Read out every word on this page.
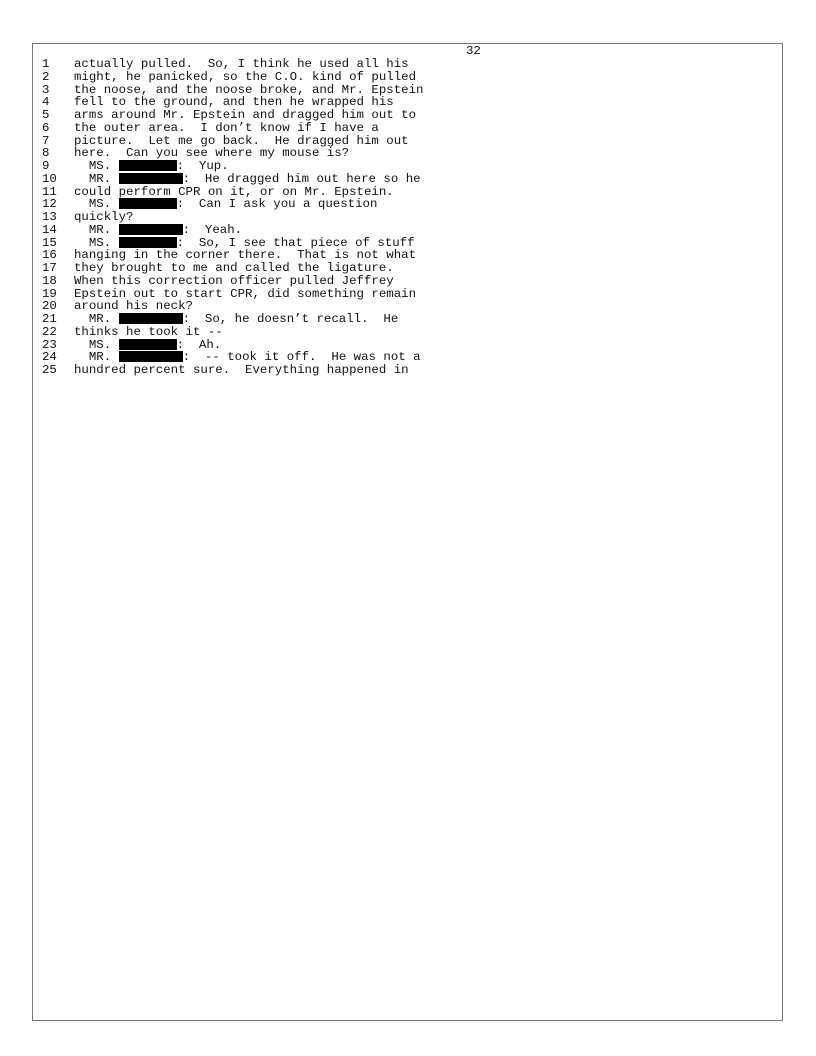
32
1	actually pulled.  So, I think he used all his
2	might, he panicked, so the C.O. kind of pulled
3	the noose, and the noose broke, and Mr. Epstein
4	fell to the ground, and then he wrapped his
5	arms around Mr. Epstein and dragged him out to
6	the outer area.  I don’t know if I have a
7	picture.  Let me go back.  He dragged him out
8	here.  Can you see where my mouse is?
9	MS.	:  Yup.
10	MR.	:  He dragged him out here so he
11	could perform CPR on it, or on Mr. Epstein.
12	MS.	:  Can I ask you a question
13	quickly?
14	MR.	:  Yeah.
15	MS.	:  So, I see that piece of stuff
16	hanging in the corner there.  That is not what
17	they brought to me and called the ligature.
18	When this correction officer pulled Jeffrey
19	Epstein out to start CPR, did something remain
20	around his neck?
21	MR.	:  So, he doesn’t recall.  He
22	thinks he took it --
23	MS.	:  Ah.
24	MR.	:  -- took it off.  He was not a
25	hundred percent sure.  Everything happened in
